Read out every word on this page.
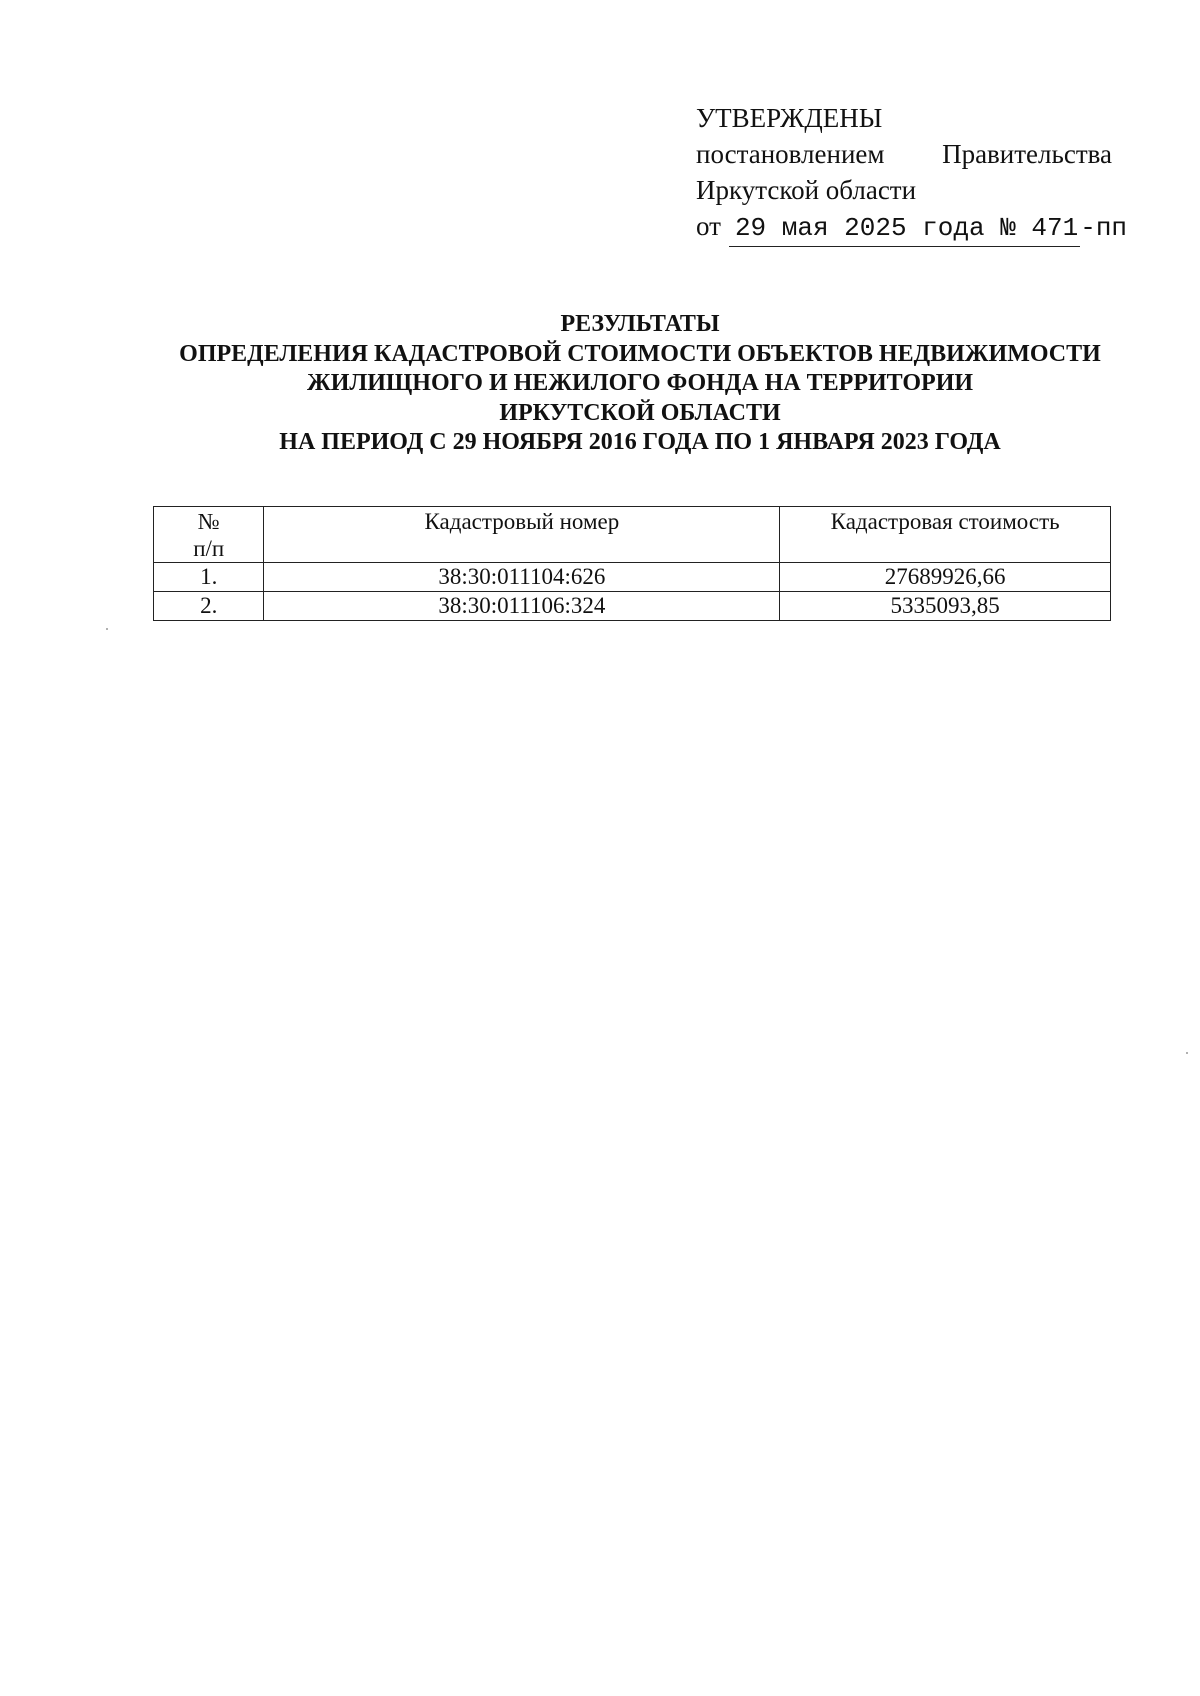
УТВЕРЖДЕНЫ
постановлением Правительства
Иркутской области
от 29 мая 2025 года № 471 -пп
РЕЗУЛЬТАТЫ
ОПРЕДЕЛЕНИЯ КАДАСТРОВОЙ СТОИМОСТИ ОБЪЕКТОВ НЕДВИЖИМОСТИ
ЖИЛИЩНОГО И НЕЖИЛОГО ФОНДА НА ТЕРРИТОРИИ
ИРКУТСКОЙ ОБЛАСТИ
НА ПЕРИОД С 29 НОЯБРЯ 2016 ГОДА ПО 1 ЯНВАРЯ 2023 ГОДА
№
п/п	Кадастровый номер	Кадастровая стоимость
1.	38:30:011104:626	27689926,66
2.	38:30:011106:324	5335093,85
